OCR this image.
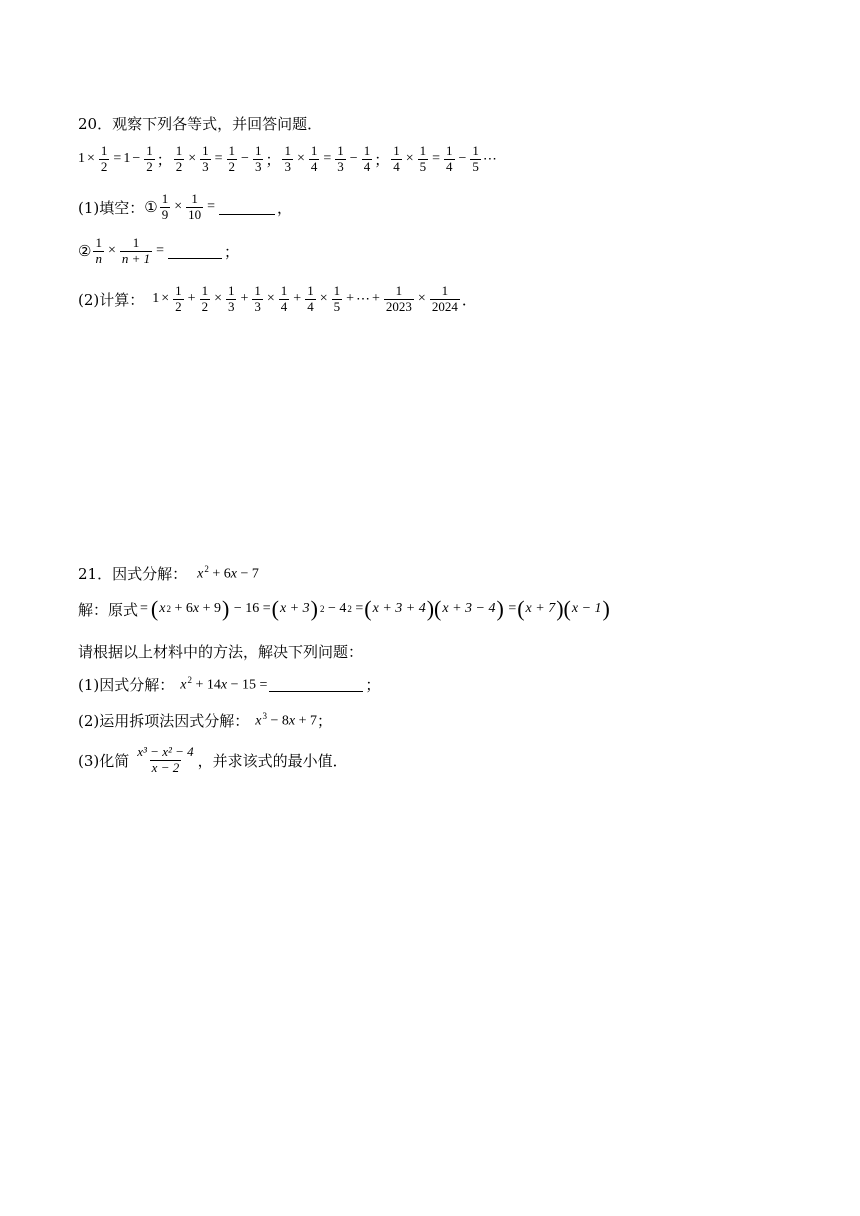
20． 观察下列各等式，并回答问题．
$1 \times \frac{1}{2} = 1 - \frac{1}{2}$ ； $\frac{1}{2} \times \frac{1}{3} = \frac{1}{2} - \frac{1}{3}$ ； $\frac{1}{3} \times \frac{1}{4} = \frac{1}{3} - \frac{1}{4}$ ； $\frac{1}{4} \times \frac{1}{5} = \frac{1}{4} - \frac{1}{5}$ ⋯
(1)填空： ① $\frac{1}{9} \times \frac{1}{10}$ =	，
② $\frac{1}{n} \times \frac{1}{n + 1}$ =	；
(2)计算： $1 \times \frac{1}{2} + \frac{1}{2} \times \frac{1}{3} + \frac{1}{3} \times \frac{1}{4} + \frac{1}{4} \times \frac{1}{5}$ + ⋯ + $\frac{1}{2023} \times \frac{1}{2024}$ ．
21． 因式分解： $x^2 + 6x - 7$
解：原式 = ( x 2
+ 6 x
+ 9 )
− 16 = ( x + 3 ) 2
− 4 2 = ( x + 3 + 4 )( x + 3 − 4 ) = ( x + 7 )( x − 1 )
请根据以上材料中的方法，解决下列问题：
(1)因式分解： $x^2 + 14x - 15$ =	；
(2)运用拆项法因式分解： $x^3 - 8x + 7$ ；
(3)化简 $\frac{\text{x³ − x² − 4}}{x - 2}$ ，并求该式的最小值．
